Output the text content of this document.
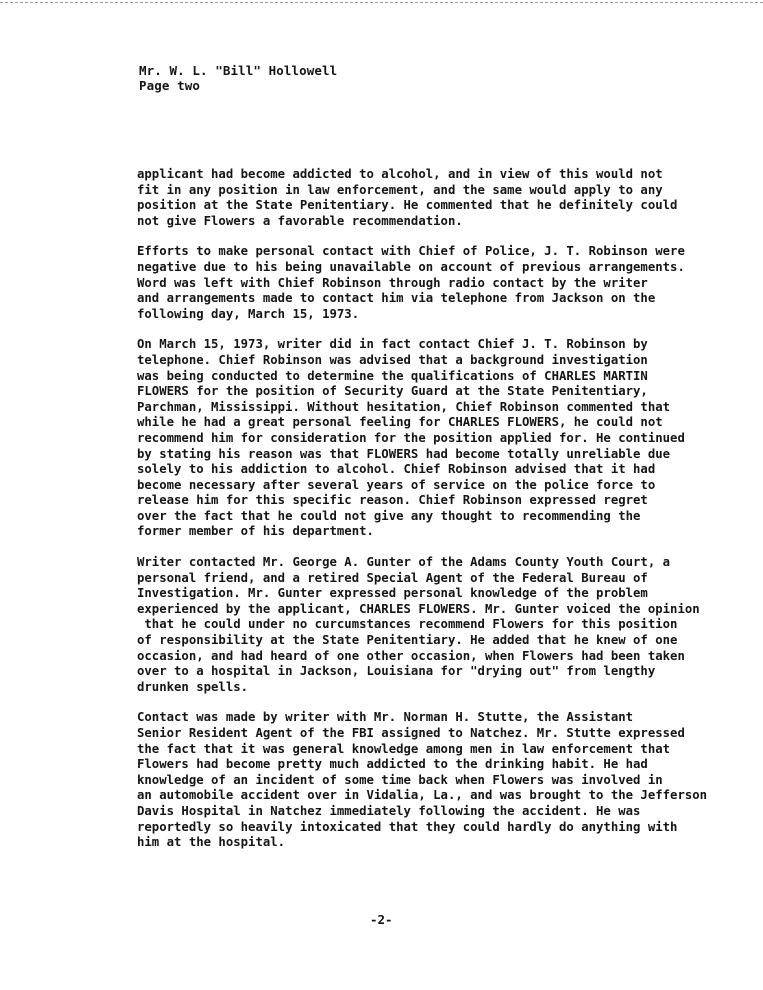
Mr. W. L. "Bill" Hollowell
Page two
applicant had become addicted to alcohol, and in view of this would not
fit in any position in law enforcement, and the same would apply to any
position at the State Penitentiary. He commented that he definitely could
not give Flowers a favorable recommendation.
Efforts to make personal contact with Chief of Police, J. T. Robinson were
negative due to his being unavailable on account of previous arrangements.
Word was left with Chief Robinson through radio contact by the writer
and arrangements made to contact him via telephone from Jackson on the
following day, March 15, 1973.
On March 15, 1973, writer did in fact contact Chief J. T. Robinson by
telephone. Chief Robinson was advised that a background investigation
was being conducted to determine the qualifications of CHARLES MARTIN
FLOWERS for the position of Security Guard at the State Penitentiary,
Parchman, Mississippi. Without hesitation, Chief Robinson commented that
while he had a great personal feeling for CHARLES FLOWERS, he could not
recommend him for consideration for the position applied for. He continued
by stating his reason was that FLOWERS had become totally unreliable due
solely to his addiction to alcohol. Chief Robinson advised that it had
become necessary after several years of service on the police force to
release him for this specific reason. Chief Robinson expressed regret
over the fact that he could not give any thought to recommending the
former member of his department.
Writer contacted Mr. George A. Gunter of the Adams County Youth Court, a
personal friend, and a retired Special Agent of the Federal Bureau of
Investigation. Mr. Gunter expressed personal knowledge of the problem
experienced by the applicant, CHARLES FLOWERS. Mr. Gunter voiced the opinion
that he could under no curcumstances recommend Flowers for this position
of responsibility at the State Penitentiary. He added that he knew of one
occasion, and had heard of one other occasion, when Flowers had been taken
over to a hospital in Jackson, Louisiana for "drying out" from lengthy
drunken spells.
Contact was made by writer with Mr. Norman H. Stutte, the Assistant
Senior Resident Agent of the FBI assigned to Natchez. Mr. Stutte expressed
the fact that it was general knowledge among men in law enforcement that
Flowers had become pretty much addicted to the drinking habit. He had
knowledge of an incident of some time back when Flowers was involved in
an automobile accident over in Vidalia, La., and was brought to the Jefferson
Davis Hospital in Natchez immediately following the accident. He was
reportedly so heavily intoxicated that they could hardly do anything with
him at the hospital.
-2-
